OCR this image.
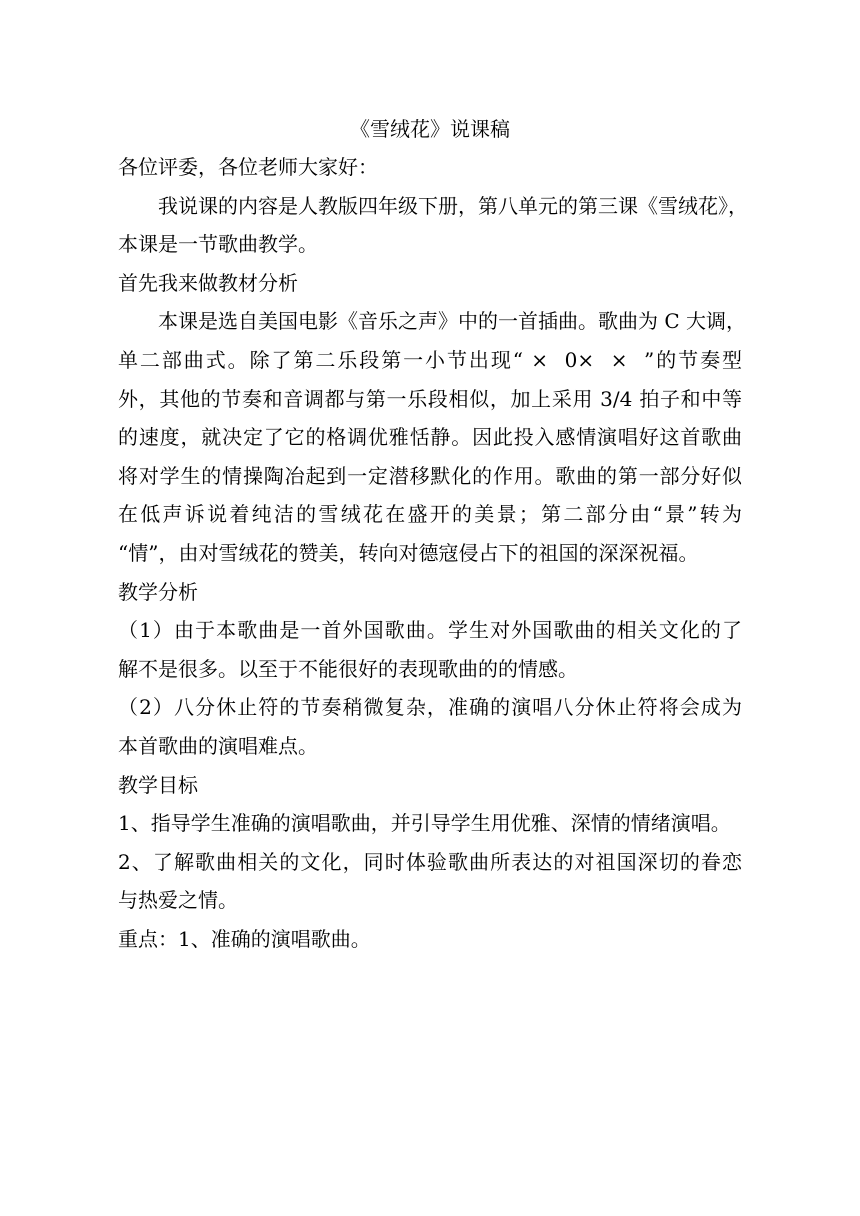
《雪绒花》说课稿

各位评委，各位老师大家好：

我说课的内容是人教版四年级下册，第八单元的第三课《雪绒花》，
本课是一节歌曲教学。

首先我来做教材分析

本课是选自美国电影《音乐之声》中的一首插曲。歌曲为 C 大调，
单二部曲式。除了第二乐段第一小节出现“ ×  0×  ×  ”的节奏型
外，其他的节奏和音调都与第一乐段相似，加上采用 3/4 拍子和中等
的速度，就决定了它的格调优雅恬静。因此投入感情演唱好这首歌曲
将对学生的情操陶冶起到一定潜移默化的作用。歌曲的第一部分好似
在低声诉说着纯洁的雪绒花在盛开的美景；第二部分由“景”转为
“情”，由对雪绒花的赞美，转向对德寇侵占下的祖国的深深祝福。

教学分析

（1）由于本歌曲是一首外国歌曲。学生对外国歌曲的相关文化的了
解不是很多。以至于不能很好的表现歌曲的的情感。
（2）八分休止符的节奏稍微复杂，准确的演唱八分休止符将会成为
本首歌曲的演唱难点。

教学目标

1、指导学生准确的演唱歌曲，并引导学生用优雅、深情的情绪演唱。
2、了解歌曲相关的文化，同时体验歌曲所表达的对祖国深切的眷恋
与热爱之情。

重点：1、准确的演唱歌曲。
